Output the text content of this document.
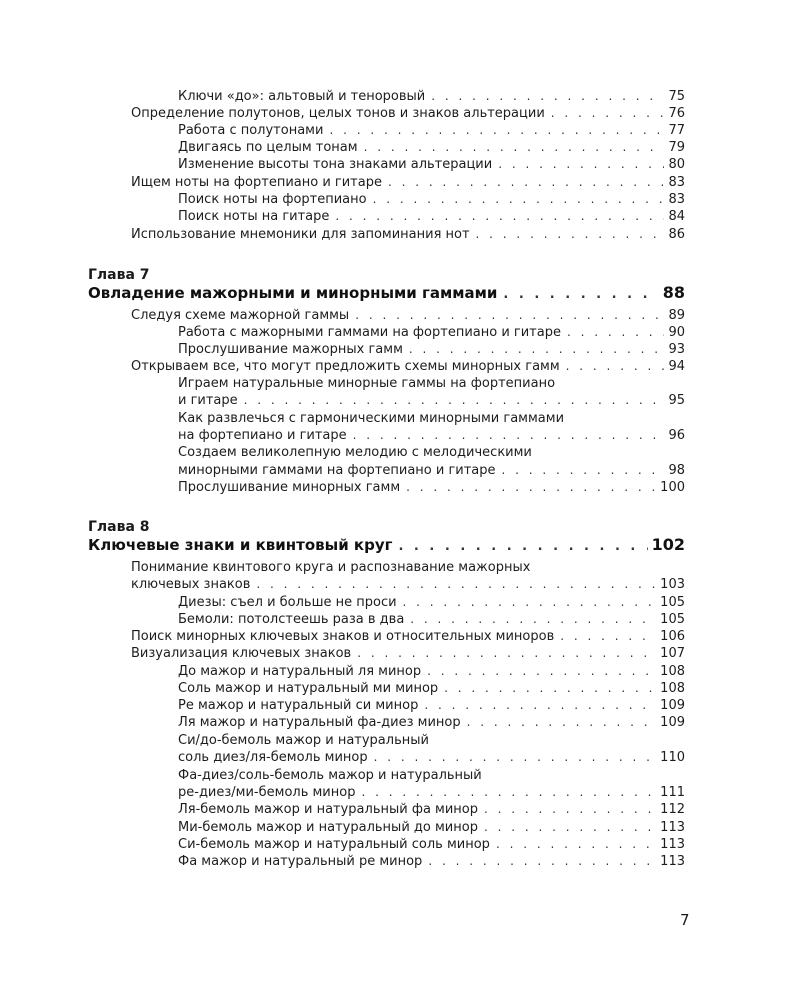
Ключи «до»: альтовый и теноровый . . .	75
Определение полутонов, целых тонов и знаков альтерации . . .	76
Работа с полутонами . . .	77
Двигаясь по целым тонам . . .	79
Изменение высоты тона знаками альтерации . . .	80
Ищем ноты на фортепиано и гитаре . . .	83
Поиск ноты на фортепиано . . .	83
Поиск ноты на гитаре . . .	84
Использование мнемоники для запоминания нот . . .	86
Глава 7
Овладение мажорными и минорными гаммами . . .	88
Следуя схеме мажорной гаммы . . .	89
Работа с мажорными гаммами на фортепиано и гитаре . . .	90
Прослушивание мажорных гамм . . .	93
Открываем все, что могут предложить схемы минорных гамм . . .	94
Играем натуральные минорные гаммы на фортепиано
и гитаре . . .	95
Как развлечься с гармоническими минорными гаммами
на фортепиано и гитаре . . .	96
Создаем великолепную мелодию с мелодическими
минорными гаммами на фортепиано и гитаре . . .	98
Прослушивание минорных гамм . . .	100
Глава 8
Ключевые знаки и квинтовый круг . . .	102
Понимание квинтового круга и распознавание мажорных
ключевых знаков . . .	103
Диезы: съел и больше не проси . . .	105
Бемоли: потолстеешь раза в два . . .	105
Поиск минорных ключевых знаков и относительных миноров . . .	106
Визуализация ключевых знаков . . .	107
До мажор и натуральный ля минор . . .	108
Соль мажор и натуральный ми минор . . .	108
Ре мажор и натуральный си минор . . .	109
Ля мажор и натуральный фа-диез минор . . .	109
Си/до-бемоль мажор и натуральный
соль диез/ля-бемоль минор . . .	110
Фа-диез/соль-бемоль мажор и натуральный
ре-диез/ми-бемоль минор . . .	111
Ля-бемоль мажор и натуральный фа минор . . .	112
Ми-бемоль мажор и натуральный до минор . . .	113
Си-бемоль мажор и натуральный соль минор . . .	113
Фа мажор и натуральный ре минор . . .	113
7
